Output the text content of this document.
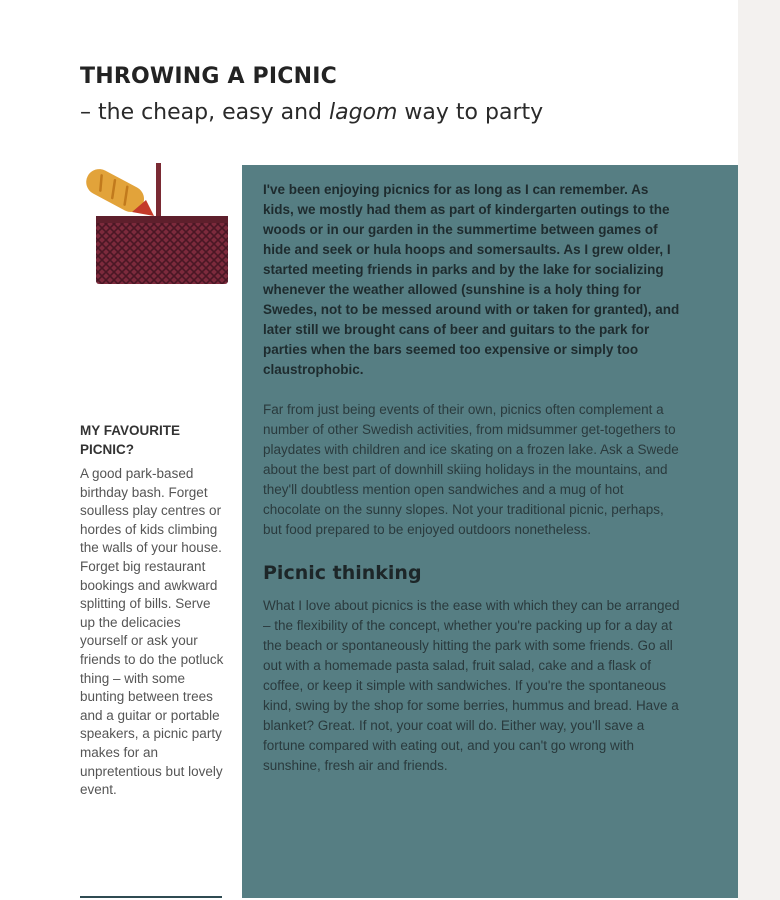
THROWING A PICNIC
– the cheap, easy and lagom way to party
MY FAVOURITE PICNIC?

A good park-based birthday bash. Forget soulless play centres or hordes of kids climbing the walls of your house. Forget big restaurant bookings and awkward splitting of bills. Serve up the delicacies yourself or ask your friends to do the potluck thing – with some bunting between trees and a guitar or portable speakers, a picnic party makes for an unpretentious but lovely event.

I've been enjoying picnics for as long as I can remember. As kids, we mostly had them as part of kindergarten outings to the woods or in our garden in the summertime between games of hide and seek or hula hoops and somersaults. As I grew older, I started meeting friends in parks and by the lake for socializing whenever the weather allowed (sunshine is a holy thing for Swedes, not to be messed around with or taken for granted), and later still we brought cans of beer and guitars to the park for parties when the bars seemed too expensive or simply too claustrophobic.

Far from just being events of their own, picnics often complement a number of other Swedish activities, from midsummer get-togethers to playdates with children and ice skating on a frozen lake. Ask a Swede about the best part of downhill skiing holidays in the mountains, and they'll doubtless mention open sandwiches and a mug of hot chocolate on the sunny slopes. Not your traditional picnic, perhaps, but food prepared to be enjoyed outdoors nonetheless.

Picnic thinking

What I love about picnics is the ease with which they can be arranged – the flexibility of the concept, whether you're packing up for a day at the beach or spontaneously hitting the park with some friends. Go all out with a homemade pasta salad, fruit salad, cake and a flask of coffee, or keep it simple with sandwiches. If you're the spontaneous kind, swing by the shop for some berries, hummus and bread. Have a blanket? Great. If not, your coat will do. Either way, you'll save a fortune compared with eating out, and you can't go wrong with sunshine, fresh air and friends.
